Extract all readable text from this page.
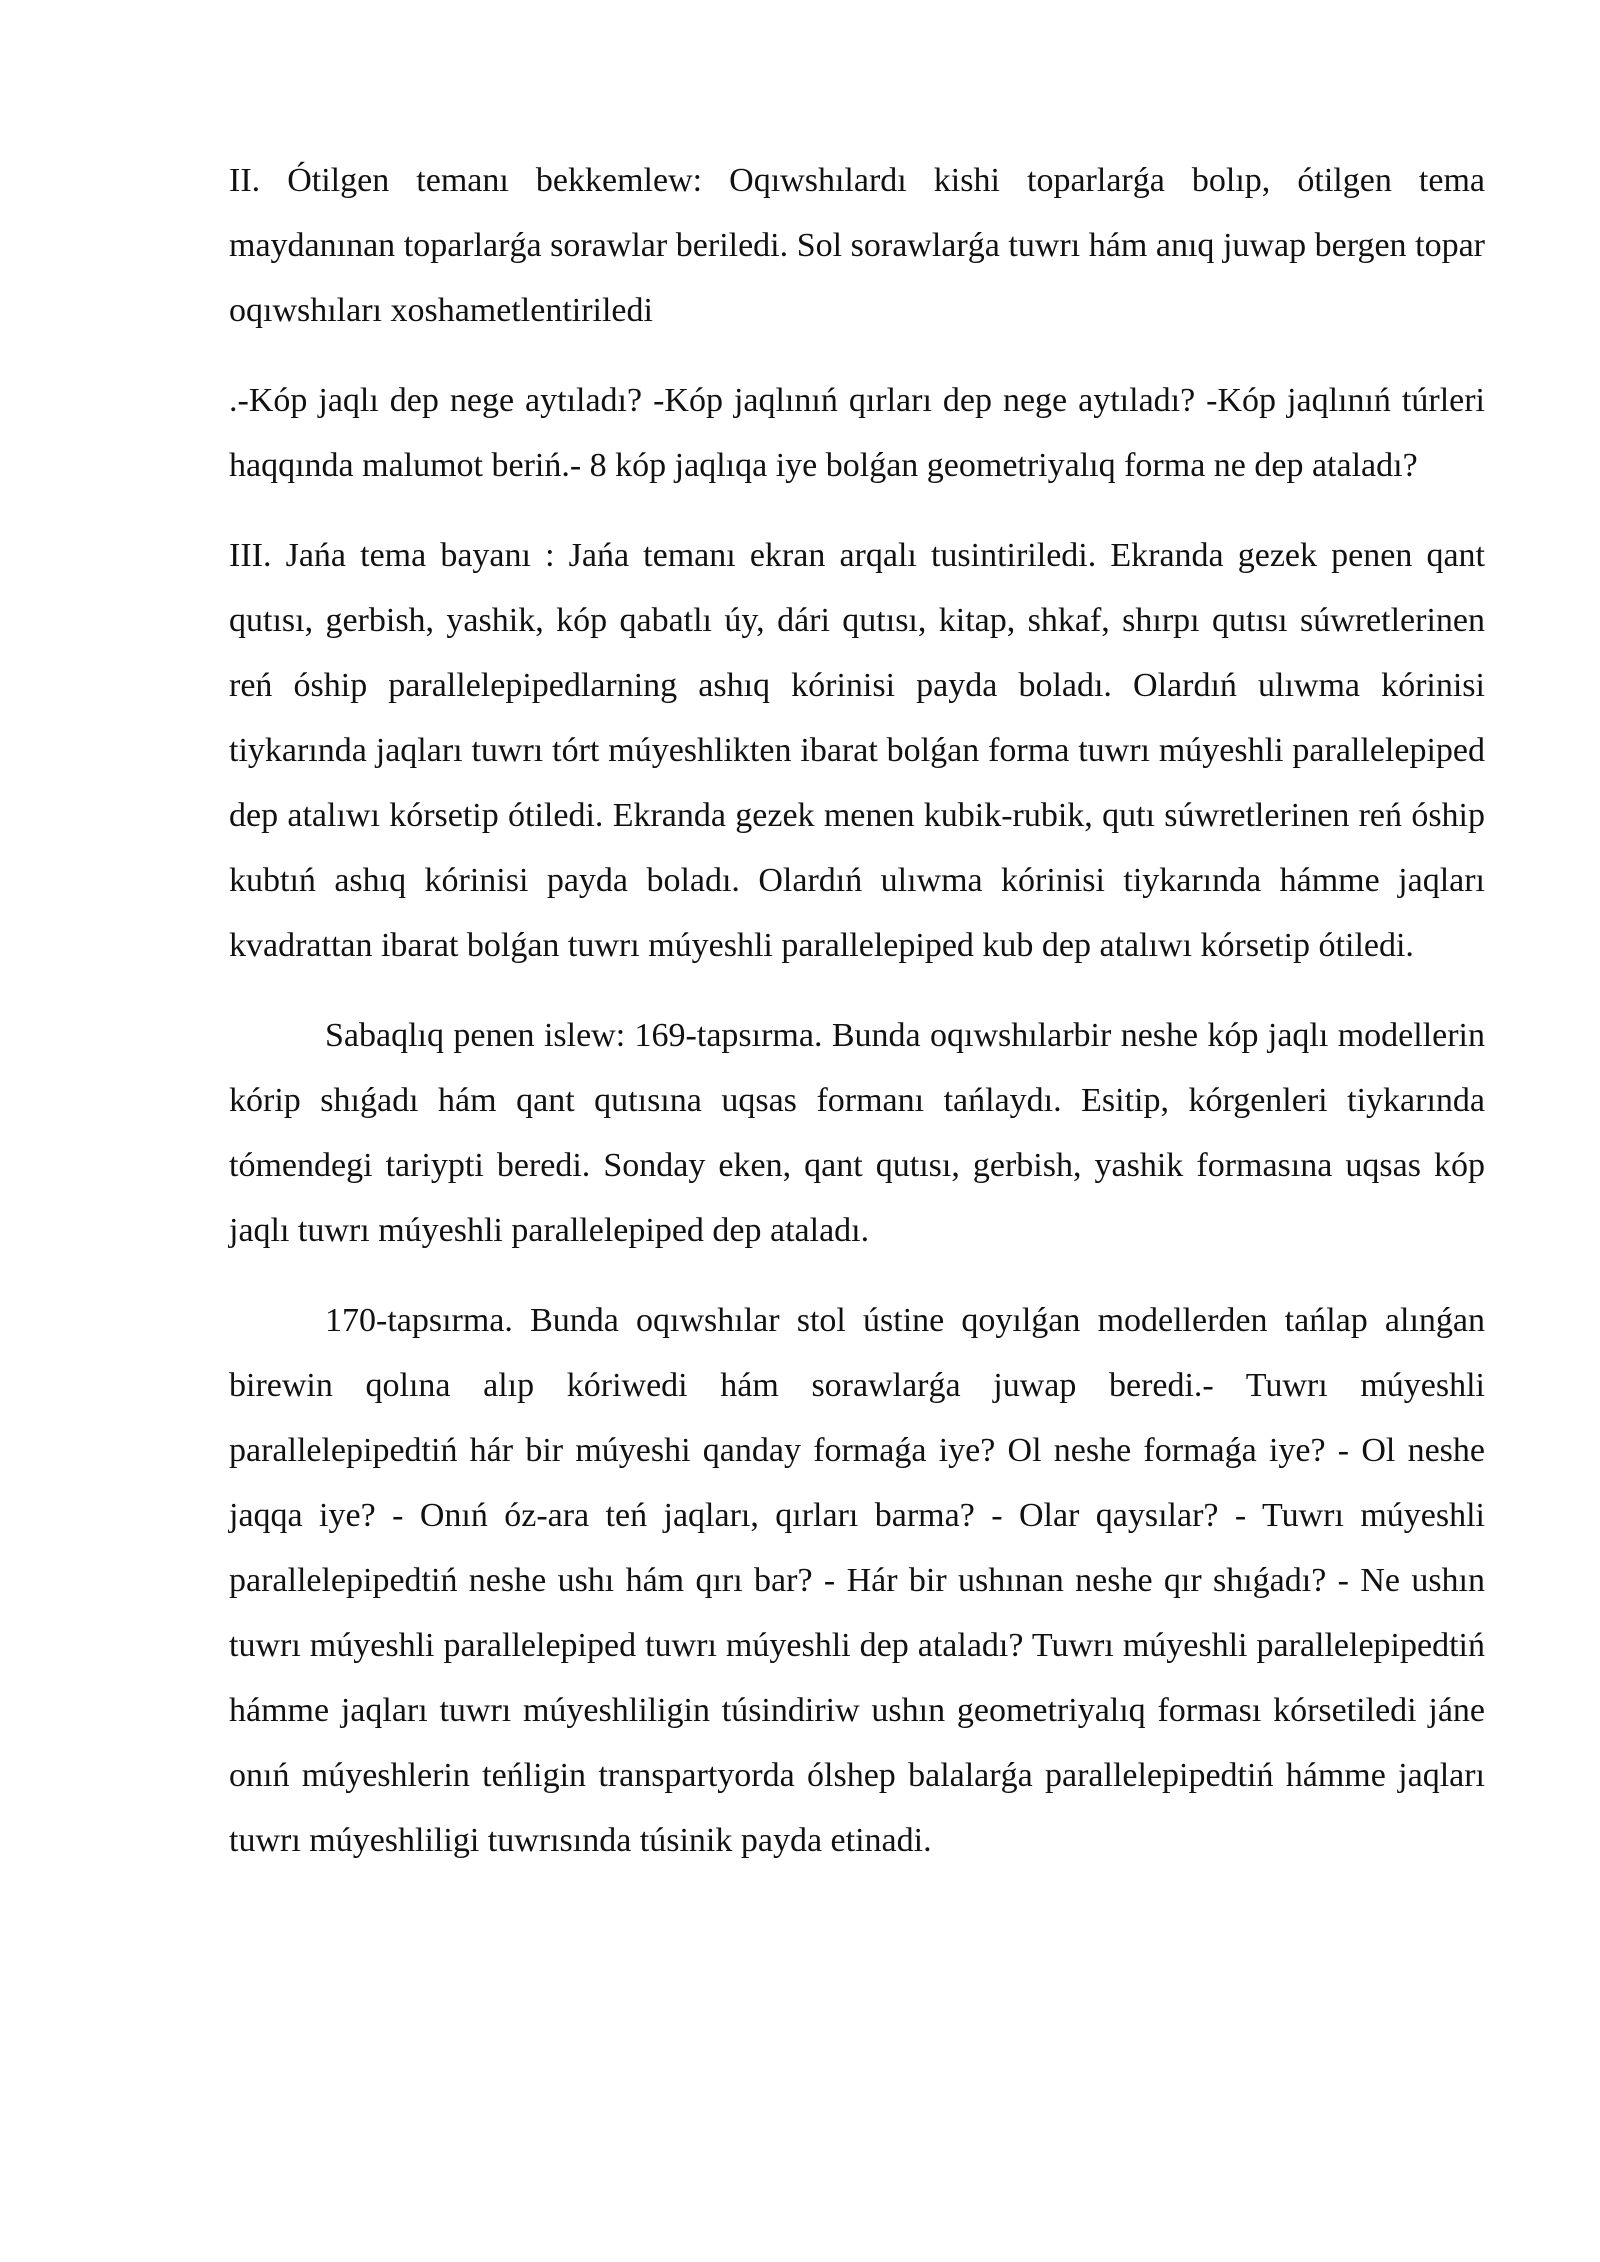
II. Ótilgen temanı bekkemlew: Oqıwshılardı kishi toparlarǵa bolıp, ótilgen tema maydanınan toparlarǵa sorawlar beriledi. Sol sorawlarǵa tuwrı hám anıq juwap bergen topar oqıwshıları xoshametlentiriledi

.-Kóp jaqlı dep nege aytıladı? -Kóp jaqlınıń qırları dep nege aytıladı? -Kóp jaqlınıń túrleri haqqında malumot beriń.- 8 kóp jaqlıqa iye bolǵan geometriyalıq forma ne dep ataladı?

III. Jańa tema bayanı : Jańa temanı ekran arqalı tusintiriledi. Ekranda gezek penen qant qutısı, gerbish, yashik, kóp qabatlı úy, dári qutısı, kitap, shkaf, shırpı qutısı súwretlerinen reń óship parallelepipedlarning ashıq kórinisi payda boladı. Olardıń ulıwma kórinisi tiykarında jaqları tuwrı tórt múyeshlikten ibarat bolǵan forma tuwrı múyeshli parallelepiped dep atalıwı kórsetip ótiledi. Ekranda gezek menen kubik-rubik, qutı súwretlerinen reń óship kubtıń ashıq kórinisi payda boladı. Olardıń ulıwma kórinisi tiykarında hámme jaqları kvadrattan ibarat bolǵan tuwrı múyeshli parallelepiped kub dep atalıwı kórsetip ótiledi.

Sabaqlıq penen islew: 169-tapsırma. Bunda oqıwshılarbir neshe kóp jaqlı modellerin kórip shıǵadı hám qant qutısına uqsas formanı tańlaydı. Esitip, kórgenleri tiykarında tómendegi tariypti beredi. Sonday eken, qant qutısı, gerbish, yashik formasına uqsas kóp jaqlı tuwrı múyeshli parallelepiped dep ataladı.

170-tapsırma. Bunda oqıwshılar stol ústine qoyılǵan modellerden tańlap alınǵan birewin qolına alıp kóriwedi hám sorawlarǵa juwap beredi.- Tuwrı múyeshli parallelepipedtiń hár bir múyeshi qanday formaǵa iye? Ol neshe formaǵa iye? - Ol neshe jaqqa iye? - Onıń óz-ara teń jaqları, qırları barma? - Olar qaysılar? - Tuwrı múyeshli parallelepipedtiń neshe ushı hám qırı bar? - Hár bir ushınan neshe qır shıǵadı? - Ne ushın tuwrı múyeshli parallelepiped tuwrı múyeshli dep ataladı? Tuwrı múyeshli parallelepipedtiń hámme jaqları tuwrı múyeshliligin túsindiriw ushın geometriyalıq forması kórsetiledi jáne onıń múyeshlerin teńligin transpartyorda ólshep balalarǵa parallelepipedtiń hámme jaqları tuwrı múyeshliligi tuwrısında túsinik payda etinadi.
